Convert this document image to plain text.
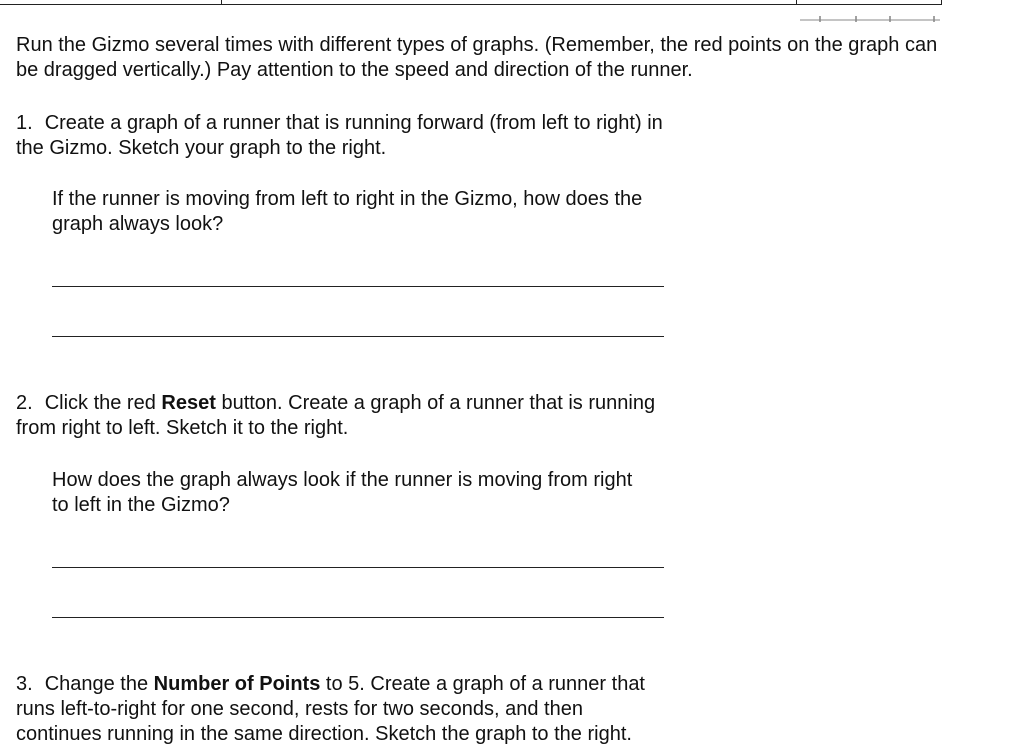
Run the Gizmo several times with different types of graphs. (Remember, the red points on the graph can be dragged vertically.) Pay attention to the speed and direction of the runner.
1. Create a graph of a runner that is running forward (from left to right) in the Gizmo. Sketch your graph to the right.
If the runner is moving from left to right in the Gizmo, how does the graph always look?
2. Click the red Reset button. Create a graph of a runner that is running from right to left. Sketch it to the right.
How does the graph always look if the runner is moving from right to left in the Gizmo?
3. Change the Number of Points to 5. Create a graph of a runner that runs left-to-right for one second, rests for two seconds, and then continues running in the same direction. Sketch the graph to the right.
